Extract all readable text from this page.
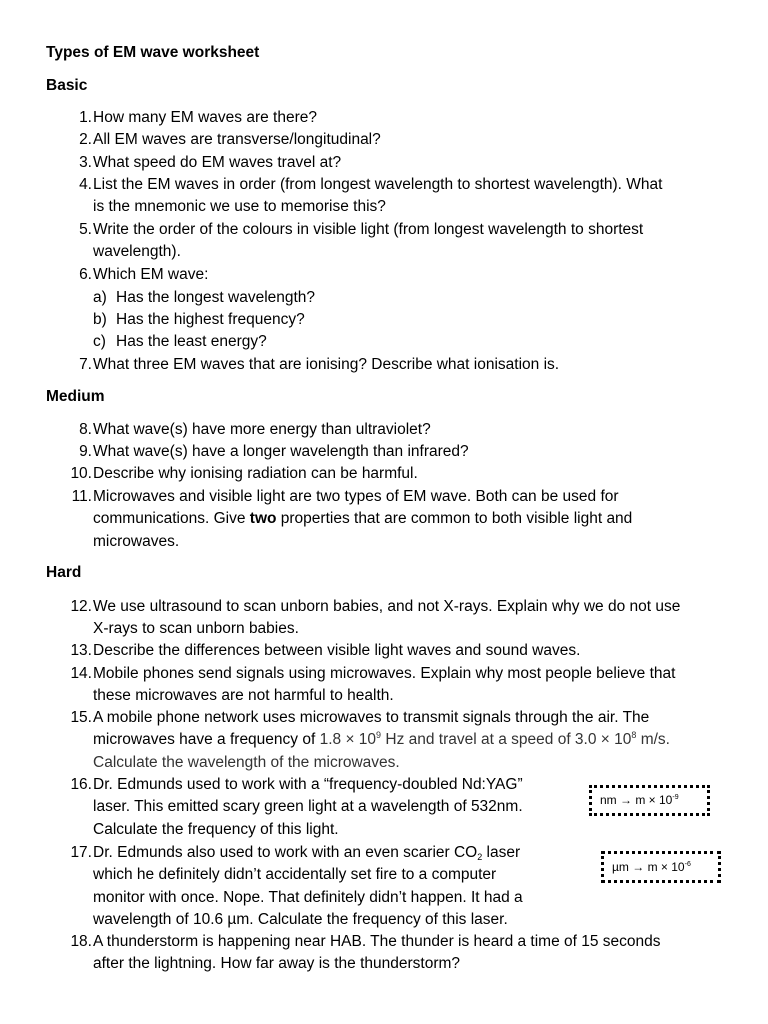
Types of EM wave worksheet
Basic
1. How many EM waves are there?
2. All EM waves are transverse/longitudinal?
3. What speed do EM waves travel at?
4. List the EM waves in order (from longest wavelength to shortest wavelength). What
is the mnemonic we use to memorise this?
5. Write the order of the colours in visible light (from longest wavelength to shortest
wavelength).
6. Which EM wave:
a) Has the longest wavelength?
b) Has the highest frequency?
c) Has the least energy?
7. What three EM waves that are ionising? Describe what ionisation is.
Medium
8. What wave(s) have more energy than ultraviolet?
9. What wave(s) have a longer wavelength than infrared?
10. Describe why ionising radiation can be harmful.
11. Microwaves and visible light are two types of EM wave. Both can be used for
communications. Give two properties that are common to both visible light and
microwaves.
Hard
12. We use ultrasound to scan unborn babies, and not X-rays. Explain why we do not use
X-rays to scan unborn babies.
13. Describe the differences between visible light waves and sound waves.
14. Mobile phones send signals using microwaves. Explain why most people believe that
these microwaves are not harmful to health.
15. A mobile phone network uses microwaves to transmit signals through the air. The
microwaves have a frequency of $1.8 \times 10^9$ Hz and travel at a speed of $3.0 \times 10^8$ m/s.
Calculate the wavelength of the microwaves.
16. Dr. Edmunds used to work with a “frequency-doubled Nd:YAG”
laser. This emitted scary green light at a wavelength of 532nm.
Calculate the frequency of this light.
17. Dr. Edmunds also used to work with an even scarier $CO_2$ laser
which he definitely didn’t accidentally set fire to a computer
monitor with once. Nope. That definitely didn’t happen. It had a
wavelength of 10.6 µm. Calculate the frequency of this laser.
18. A thunderstorm is happening near HAB. The thunder is heard a time of 15 seconds
after the lightning. How far away is the thunderstorm?
nm → $m \times 10^{-9}$
$\mu m \to m \times 10^{-6}$
